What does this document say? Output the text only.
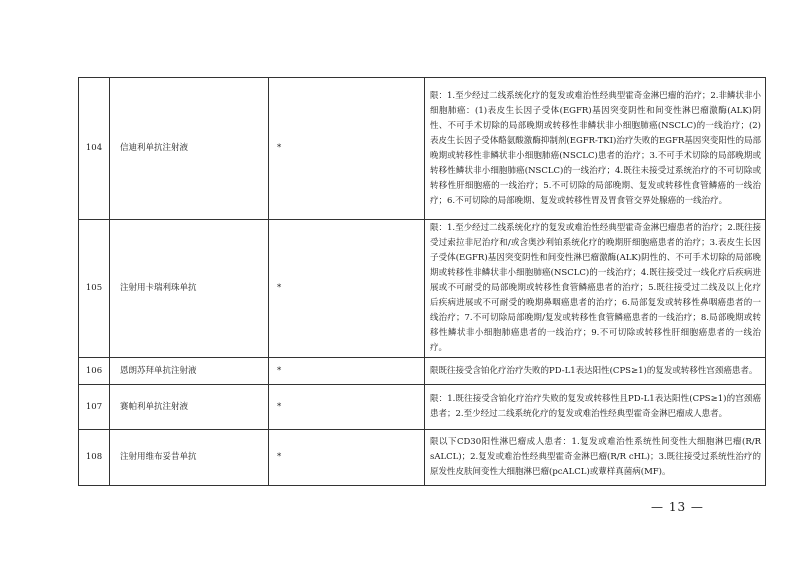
104	信迪利单抗注射液	*	限：1.至少经过二线系统化疗的复发或难治性经典型霍奇金淋巴瘤的治疗；2.非鳞状非小细胞肺癌：(1)表皮生长因子受体(EGFR)基因突变阴性和间变性淋巴瘤激酶(ALK)阴性、不可手术切除的局部晚期或转移性非鳞状非小细胞肺癌(NSCLC)的一线治疗；(2)表皮生长因子受体酪氨酸激酶抑制剂(EGFR-TKI)治疗失败的EGFR基因突变阳性的局部晚期或转移性非鳞状非小细胞肺癌(NSCLC)患者的治疗；3.不可手术切除的局部晚期或转移性鳞状非小细胞肺癌(NSCLC)的一线治疗；4.既往未接受过系统治疗的不可切除或转移性肝细胞癌的一线治疗；5.不可切除的局部晚期、复发或转移性食管鳞癌的一线治疗；6.不可切除的局部晚期、复发或转移性胃及胃食管交界处腺癌的一线治疗。
105	注射用卡瑞利珠单抗	*	限：1.至少经过二线系统化疗的复发或难治性经典型霍奇金淋巴瘤患者的治疗；2.既往接受过索拉非尼治疗和/或含奥沙利铂系统化疗的晚期肝细胞癌患者的治疗；3.表皮生长因子受体(EGFR)基因突变阴性和间变性淋巴瘤激酶(ALK)阴性的、不可手术切除的局部晚期或转移性非鳞状非小细胞肺癌(NSCLC)的一线治疗；4.既往接受过一线化疗后疾病进展或不可耐受的局部晚期或转移性食管鳞癌患者的治疗；5.既往接受过二线及以上化疗后疾病进展或不可耐受的晚期鼻咽癌患者的治疗；6.局部复发或转移性鼻咽癌患者的一线治疗；7.不可切除局部晚期/复发或转移性食管鳞癌患者的一线治疗；8.局部晚期或转移性鳞状非小细胞肺癌患者的一线治疗；9.不可切除或转移性肝细胞癌患者的一线治疗。
106	恩朗苏拜单抗注射液	*	限既往接受含铂化疗治疗失败的PD-L1表达阳性(CPS≥1)的复发或转移性宫颈癌患者。
107	赛帕利单抗注射液	*	限：1.既往接受含铂化疗治疗失败的复发或转移性且PD-L1表达阳性(CPS≥1)的宫颈癌患者；2.至少经过二线系统化疗的复发或难治性经典型霍奇金淋巴瘤成人患者。
108	注射用维布妥昔单抗	*	限以下CD30阳性淋巴瘤成人患者：1.复发或难治性系统性间变性大细胞淋巴瘤(R/R sALCL)；2.复发或难治性经典型霍奇金淋巴瘤(R/R cHL)；3.既往接受过系统性治疗的原发性皮肤间变性大细胞淋巴瘤(pcALCL)或蕈样真菌病(MF)。
— 13 —
